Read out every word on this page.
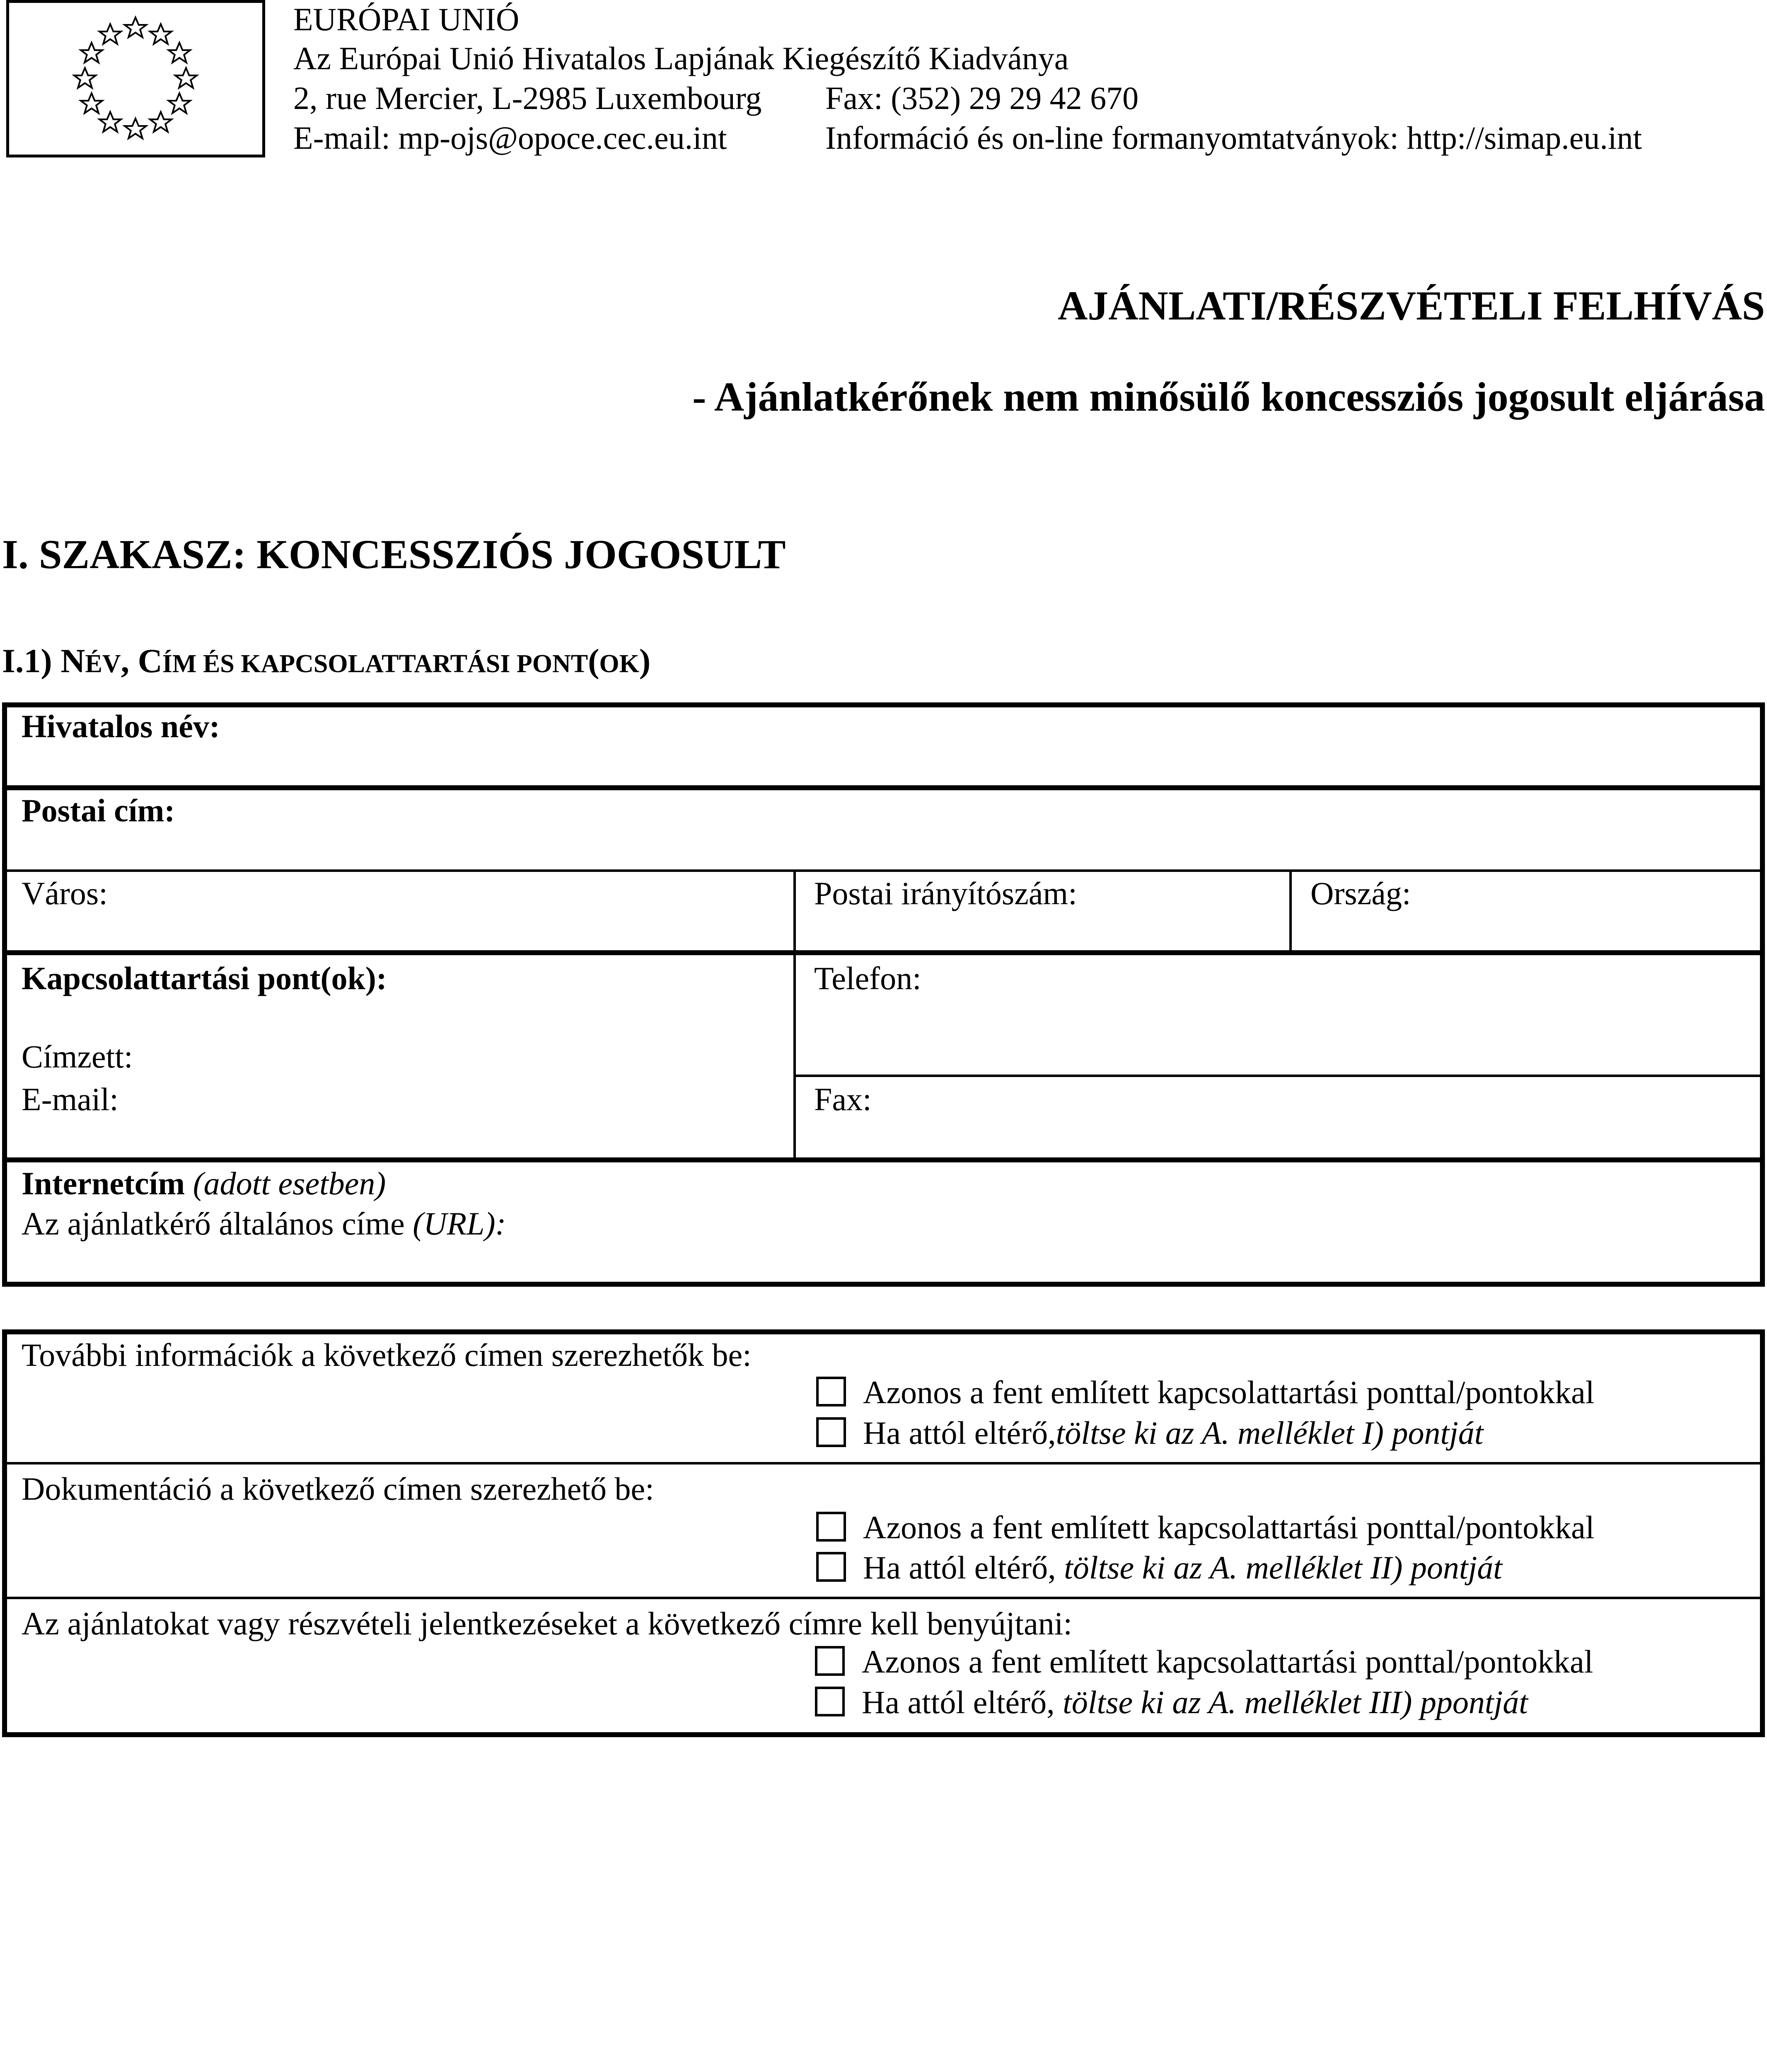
EURÓPAI UNIÓ
Az Európai Unió Hivatalos Lapjának Kiegészítő Kiadványa
2, rue Mercier, L-2985 Luxembourg Fax: (352) 29 29 42 670
E-mail: mp-ojs@opoce.cec.eu.int	Információ és on-line formanyomtatványok: http://simap.eu.int
AJÁNLATI/RÉSZVÉTELI FELHÍVÁS
- Ajánlatkérőnek nem minősülő koncessziós jogosult eljárása
I. SZAKASZ: KONCESSZIÓS JOGOSULT
I.1) NÉV, CÍM ÉS KAPCSOLATTARTÁSI PONT(OK)
Hivatalos név:
Postai cím:
Város:	Postai irányítószám:	Ország:
Kapcsolattartási pont(ok):	Telefon:
Címzett:
E-mail:	Fax:
Internetcím (adott esetben)
Az ajánlatkérő általános címe (URL):
További információk a következő címen szerezhetők be:
Azonos a fent említett kapcsolattartási ponttal/pontokkal
Ha attól eltérő,töltse ki az A. melléklet I) pontját
Dokumentáció a következő címen szerezhető be:
Azonos a fent említett kapcsolattartási ponttal/pontokkal
Ha attól eltérő, töltse ki az A. melléklet II) pontját
Az ajánlatokat vagy részvételi jelentkezéseket a következő címre kell benyújtani:
Azonos a fent említett kapcsolattartási ponttal/pontokkal
Ha attól eltérő, töltse ki az A. melléklet III) ppontját
